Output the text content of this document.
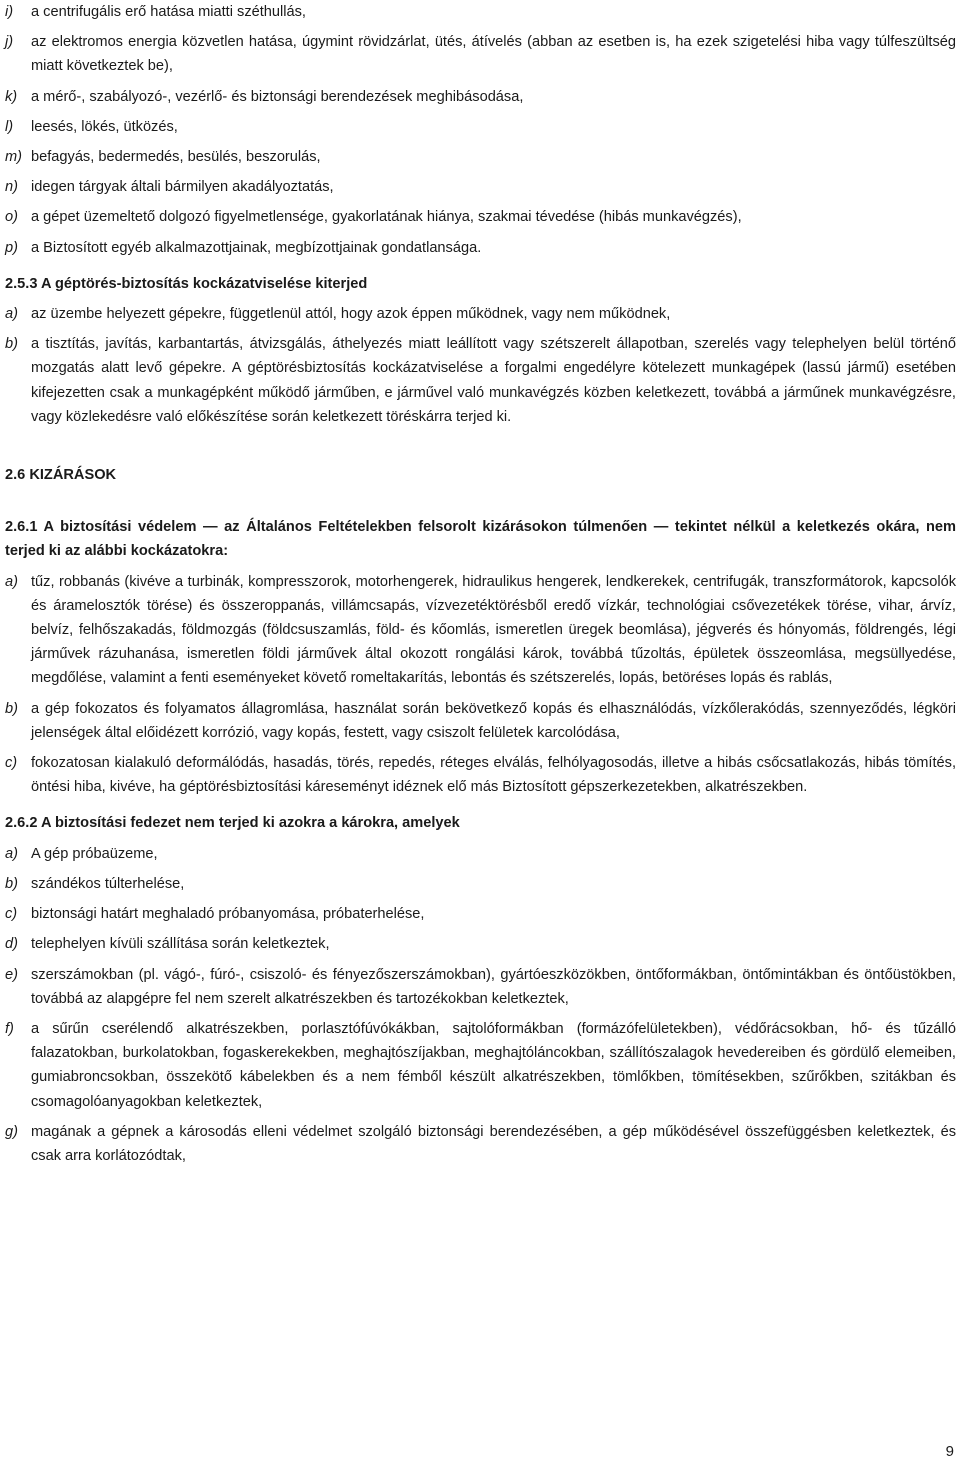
i)	a centrifugális erő hatása miatti széthullás,
j)	az elektromos energia közvetlen hatása, úgymint rövidzárlat, ütés, átívelés (abban az esetben is, ha ezek szigetelési hiba vagy túlfeszültség miatt következtek be),
k) a mérő-, szabályozó-, vezérlő- és biztonsági berendezések meghibásodása,
l)	leesés, lökés, ütközés,
m) befagyás, bedermedés, besülés, beszorulás,
n) idegen tárgyak általi bármilyen akadályoztatás,
o) a gépet üzemeltető dolgozó figyelmetlensége, gyakorlatának hiánya, szakmai tévedése (hibás munkavégzés),
p) a Biztosított egyéb alkalmazottjainak, megbízottjainak gondatlansága.
2.5.3 A géptörés-biztosítás kockázatviselése kiterjed
a) az üzembe helyezett gépekre, függetlenül attól, hogy azok éppen működnek, vagy nem működnek,
b) a tisztítás, javítás, karbantartás, átvizsgálás, áthelyezés miatt leállított vagy szétszerelt állapotban, szerelés vagy telephelyen belül történő mozgatás alatt levő gépekre. A géptörésbiztosítás kockázatviselése a forgalmi engedélyre kötelezett munkagépek (lassú jármű) esetében kifejezetten csak a munkagépként működő járműben, e járművel való munkavégzés közben keletkezett, továbbá a járműnek munkavégzésre, vagy közlekedésre való előkészítése során keletkezett töréskárra terjed ki.
2.6 KIZÁRÁSOK
2.6.1 A biztosítási védelem — az Általános Feltételekben felsorolt kizárásokon túlmenően — tekintet nélkül a keletkezés okára, nem terjed ki az alábbi kockázatokra:
a) tűz, robbanás (kivéve a turbinák, kompresszorok, motorhengerek, hidraulikus hengerek, lendkerekek, centrifugák, transzformátorok, kapcsolók és áramelosztók törése) és összeroppanás, villámcsapás, vízvezetéktörésből eredő vízkár, technológiai csővezetékek törése, vihar, árvíz, belvíz, felhőszakadás, földmozgás (földcsuszamlás, föld- és kőomlás, ismeretlen üregek beomlása), jégverés és hónyomás, földrengés, légi járművek rázuhanása, ismeretlen földi járművek által okozott rongálási károk, továbbá tűzoltás, épületek összeomlása, megsüllyedése, megdőlése, valamint a fenti eseményeket követő romeltakarítás, lebontás és szétszerelés, lopás, betöréses lopás és rablás,
b) a gép fokozatos és folyamatos állagromlása, használat során bekövetkező kopás és elhasználódás, vízkőlerakódás, szennyeződés, légköri jelenségek által előidézett korrózió, vagy kopás, festett, vagy csiszolt felületek karcolódása,
c) fokozatosan kialakuló deformálódás, hasadás, törés, repedés, réteges elválás, felhólyagosodás, illetve a hibás csőcsatlakozás, hibás tömítés, öntési hiba, kivéve, ha géptörésbiztosítási káreseményt idéznek elő más Biztosított gépszerkezetekben, alkatrészekben.
2.6.2 A biztosítási fedezet nem terjed ki azokra a károkra, amelyek
a) A gép próbaüzeme,
b) szándékos túlterhelése,
c) biztonsági határt meghaladó próbanyomása, próbaterhelése,
d) telephelyen kívüli szállítása során keletkeztek,
e) szerszámokban (pl. vágó-, fúró-, csiszoló- és fényezőszerszámokban), gyártóeszközökben, öntőformákban, öntőmintákban és öntőüstökben, továbbá az alapgépre fel nem szerelt alkatrészekben és tartozékokban keletkeztek,
f)	a sűrűn cserélendő alkatrészekben, porlasztófúvókákban, sajtolóformákban (formázófelületekben), védőrácsokban, hő- és tűzálló falazatokban, burkolatokban, fogaskerekekben, meghajtószíjakban, meghajtóláncokban, szállítószalagok hevedereiben és gördülő elemeiben, gumiabroncsokban, összekötő kábelekben és a nem fémből készült alkatrészekben, tömlőkben, tömítésekben, szűrőkben, szitákban és csomagolóanyagokban keletkeztek,
g) magának a gépnek a károsodás elleni védelmet szolgáló biztonsági berendezésében, a gép működésével összefüggésben keletkeztek, és csak arra korlátozódtak,
9
